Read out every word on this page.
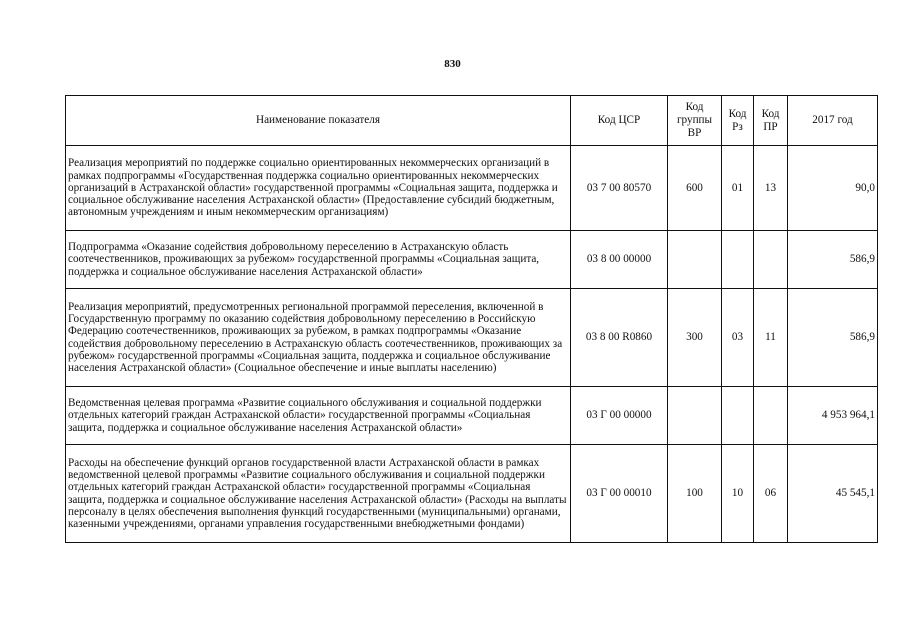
830
Наименование показателя	Код ЦСР	Код группы ВР	Код Рз	Код ПР	2017 год
Реализация мероприятий по поддержке социально ориентированных некоммерческих организаций в рамках подпрограммы «Государственная поддержка социально ориентированных некоммерческих организаций в Астраханской области» государственной программы «Социальная защита, поддержка и социальное обслуживание населения Астраханской области» (Предоставление субсидий бюджетным, автономным учреждениям и иным некоммерческим организациям)	03 7 00 80570	600	01	13	90,0
Подпрограмма «Оказание содействия добровольному переселению в Астраханскую область соотечественников, проживающих за рубежом» государственной программы «Социальная защита, поддержка и социальное обслуживание населения Астраханской области»	03 8 00 00000				586,9
Реализация мероприятий, предусмотренных региональной программой переселения, включенной в Государственную программу по оказанию содействия добровольному переселению в Российскую Федерацию соотечественников, проживающих за рубежом, в рамках подпрограммы «Оказание содействия добровольному переселению в Астраханскую область соотечественников, проживающих за рубежом» государственной программы «Социальная защита, поддержка и социальное обслуживание населения Астраханской области» (Социальное обеспечение и иные выплаты населению)	03 8 00 R0860	300	03	11	586,9
Ведомственная целевая программа «Развитие социального обслуживания и социальной поддержки отдельных категорий граждан Астраханской области» государственной программы «Социальная защита, поддержка и социальное обслуживание населения Астраханской области»	03 Г 00 00000				4 953 964,1
Расходы на обеспечение функций органов государственной власти Астраханской области в рамках ведомственной целевой программы «Развитие социального обслуживания и социальной поддержки отдельных категорий граждан Астраханской области» государственной программы «Социальная защита, поддержка и социальное обслуживание населения Астраханской области» (Расходы на выплаты персоналу в целях обеспечения выполнения функций государственными (муниципальными) органами, казенными учреждениями, органами управления государственными внебюджетными фондами)	03 Г 00 00010	100	10	06	45 545,1
